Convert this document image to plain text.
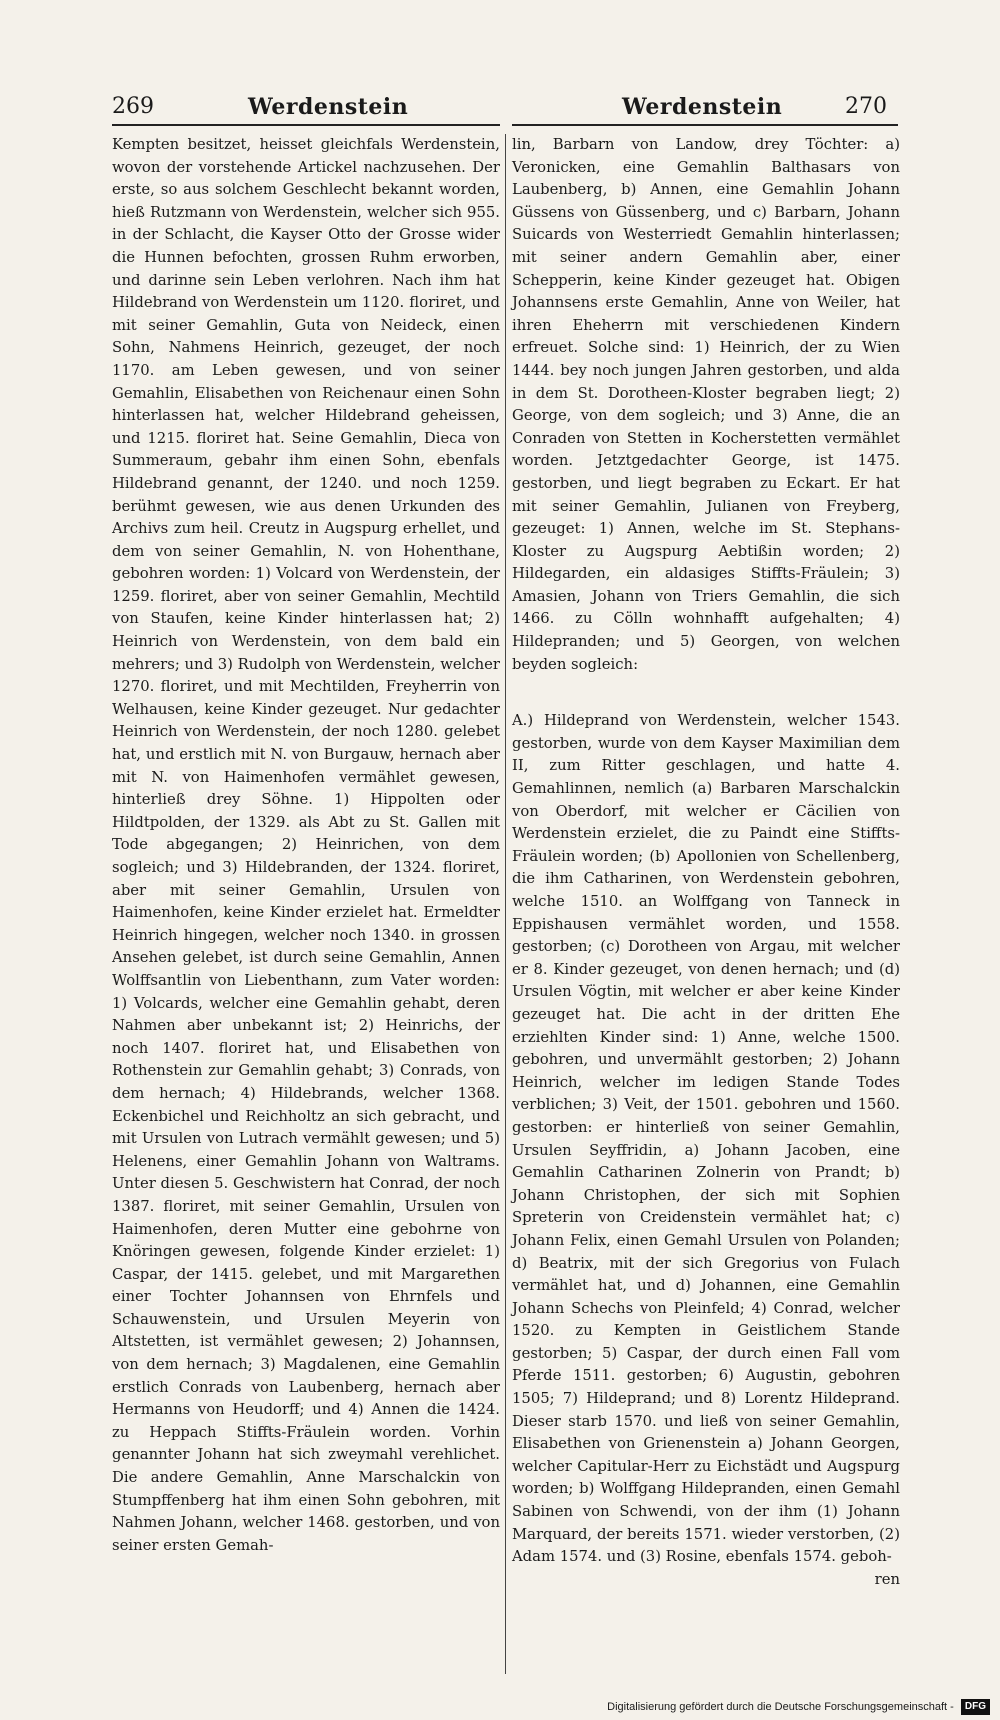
269	Werdenstein	Werdenstein	270

Kempten besitzet, heisset gleichfals Werdenstein, wovon der vorstehende Artickel nachzusehen. Der erste, so aus solchem Geschlecht bekannt worden, hieß Rutzmann von Werdenstein, welcher sich 955. in der Schlacht, die Kayser Otto der Grosse wider die Hunnen befochten, grossen Ruhm erworben, und darinne sein Leben verlohren. Nach ihm hat Hildebrand von Werdenstein um 1120. floriret, und mit seiner Gemahlin, Guta von Neideck, einen Sohn, Nahmens Heinrich, gezeuget, der noch 1170. am Leben gewesen, und von seiner Gemahlin, Elisabethen von Reichenaur einen Sohn hinterlassen hat, welcher Hildebrand geheissen, und 1215. floriret hat. Seine Gemahlin, Dieca von Summeraum, gebahr ihm einen Sohn, ebenfals Hildebrand genannt, der 1240. und noch 1259. berühmt gewesen, wie aus denen Urkunden des Archivs zum heil. Creutz in Augspurg erhellet, und dem von seiner Gemahlin, N. von Hohenthane, gebohren worden: 1) Volcard von Werdenstein, der 1259. floriret, aber von seiner Gemahlin, Mechtild von Staufen, keine Kinder hinterlassen hat; 2) Heinrich von Werdenstein, von dem bald ein mehrers; und 3) Rudolph von Werdenstein, welcher 1270. floriret, und mit Mechtilden, Freyherrin von Welhausen, keine Kinder gezeuget. Nur gedachter Heinrich von Werdenstein, der noch 1280. gelebet hat, und erstlich mit N. von Burgauw, hernach aber mit N. von Haimenhofen vermählet gewesen, hinterließ drey Söhne. 1) Hippolten oder Hildtpolden, der 1329. als Abt zu St. Gallen mit Tode abgegangen; 2) Heinrichen, von dem sogleich; und 3) Hildebranden, der 1324. floriret, aber mit seiner Gemahlin, Ursulen von Haimenhofen, keine Kinder erzielet hat. Ermeldter Heinrich hingegen, welcher noch 1340. in grossen Ansehen gelebet, ist durch seine Gemahlin, Annen Wolffsantlin von Liebenthann, zum Vater worden: 1) Volcards, welcher eine Gemahlin gehabt, deren Nahmen aber unbekannt ist; 2) Heinrichs, der noch 1407. floriret hat, und Elisabethen von Rothenstein zur Gemahlin gehabt; 3) Conrads, von dem hernach; 4) Hildebrands, welcher 1368. Eckenbichel und Reichholtz an sich gebracht, und mit Ursulen von Lutrach vermählt gewesen; und 5) Helenens, einer Gemahlin Johann von Waltrams. Unter diesen 5. Geschwistern hat Conrad, der noch 1387. floriret, mit seiner Gemahlin, Ursulen von Haimenhofen, deren Mutter eine gebohrne von Knöringen gewesen, folgende Kinder erzielet: 1) Caspar, der 1415. gelebet, und mit Margarethen einer Tochter Johannsen von Ehrnfels und Schauwenstein, und Ursulen Meyerin von Altstetten, ist vermählet gewesen; 2) Johannsen, von dem hernach; 3) Magdalenen, eine Gemahlin erstlich Conrads von Laubenberg, hernach aber Hermanns von Heudorff; und 4) Annen die 1424. zu Heppach Stiffts-Fräulein worden. Vorhin genannter Johann hat sich zweymahl verehlichet. Die andere Gemahlin, Anne Marschalckin von Stumpffenberg hat ihm einen Sohn gebohren, mit Nahmen Johann, welcher 1468. gestorben, und von seiner ersten Gemah-

lin, Barbarn von Landow, drey Töchter: a) Veronicken, eine Gemahlin Balthasars von Laubenberg, b) Annen, eine Gemahlin Johann Güssens von Güssenberg, und c) Barbarn, Johann Suicards von Westerriedt Gemahlin hinterlassen; mit seiner andern Gemahlin aber, einer Schepperin, keine Kinder gezeuget hat. Obigen Johannsens erste Gemahlin, Anne von Weiler, hat ihren Eheherrn mit verschiedenen Kindern erfreuet. Solche sind: 1) Heinrich, der zu Wien 1444. bey noch jungen Jahren gestorben, und alda in dem St. Dorotheen-Kloster begraben liegt; 2) George, von dem sogleich; und 3) Anne, die an Conraden von Stetten in Kocherstetten vermählet worden. Jetztgedachter George, ist 1475. gestorben, und liegt begraben zu Eckart. Er hat mit seiner Gemahlin, Julianen von Freyberg, gezeuget: 1) Annen, welche im St. Stephans-Kloster zu Augspurg Aebtißin worden; 2) Hildegarden, ein aldasiges Stiffts-Fräulein; 3) Amasien, Johann von Triers Gemahlin, die sich 1466. zu Cölln wohnhafft aufgehalten; 4) Hildepranden; und 5) Georgen, von welchen beyden sogleich:

A.) Hildeprand von Werdenstein, welcher 1543. gestorben, wurde von dem Kayser Maximilian dem II, zum Ritter geschlagen, und hatte 4. Gemahlinnen, nemlich (a) Barbaren Marschalckin von Oberdorf, mit welcher er Cäcilien von Werdenstein erzielet, die zu Paindt eine Stiffts-Fräulein worden; (b) Apollonien von Schellenberg, die ihm Catharinen, von Werdenstein gebohren, welche 1510. an Wolffgang von Tanneck in Eppishausen vermählet worden, und 1558. gestorben; (c) Dorotheen von Argau, mit welcher er 8. Kinder gezeuget, von denen hernach; und (d) Ursulen Vögtin, mit welcher er aber keine Kinder gezeuget hat. Die acht in der dritten Ehe erziehlten Kinder sind: 1) Anne, welche 1500. gebohren, und unvermählt gestorben; 2) Johann Heinrich, welcher im ledigen Stande Todes verblichen; 3) Veit, der 1501. gebohren und 1560. gestorben: er hinterließ von seiner Gemahlin, Ursulen Seyffridin, a) Johann Jacoben, eine Gemahlin Catharinen Zolnerin von Prandt; b) Johann Christophen, der sich mit Sophien Spreterin von Creidenstein vermählet hat; c) Johann Felix, einen Gemahl Ursulen von Polanden; d) Beatrix, mit der sich Gregorius von Fulach vermählet hat, und d) Johannen, eine Gemahlin Johann Schechs von Pleinfeld; 4) Conrad, welcher 1520. zu Kempten in Geistlichem Stande gestorben; 5) Caspar, der durch einen Fall vom Pferde 1511. gestorben; 6) Augustin, gebohren 1505; 7) Hildeprand; und 8) Lorentz Hildeprand. Dieser starb 1570. und ließ von seiner Gemahlin, Elisabethen von Grienenstein a) Johann Georgen, welcher Capitular-Herr zu Eichstädt und Augspurg worden; b) Wolffgang Hildepranden, einen Gemahl Sabinen von Schwendi, von der ihm (1) Johann Marquard, der bereits 1571. wieder verstorben, (2) Adam 1574. und (3) Rosine, ebenfals 1574. geboh-

ren
Digitalisierung gefördert durch die Deutsche Forschungsgemeinschaft - DFG
